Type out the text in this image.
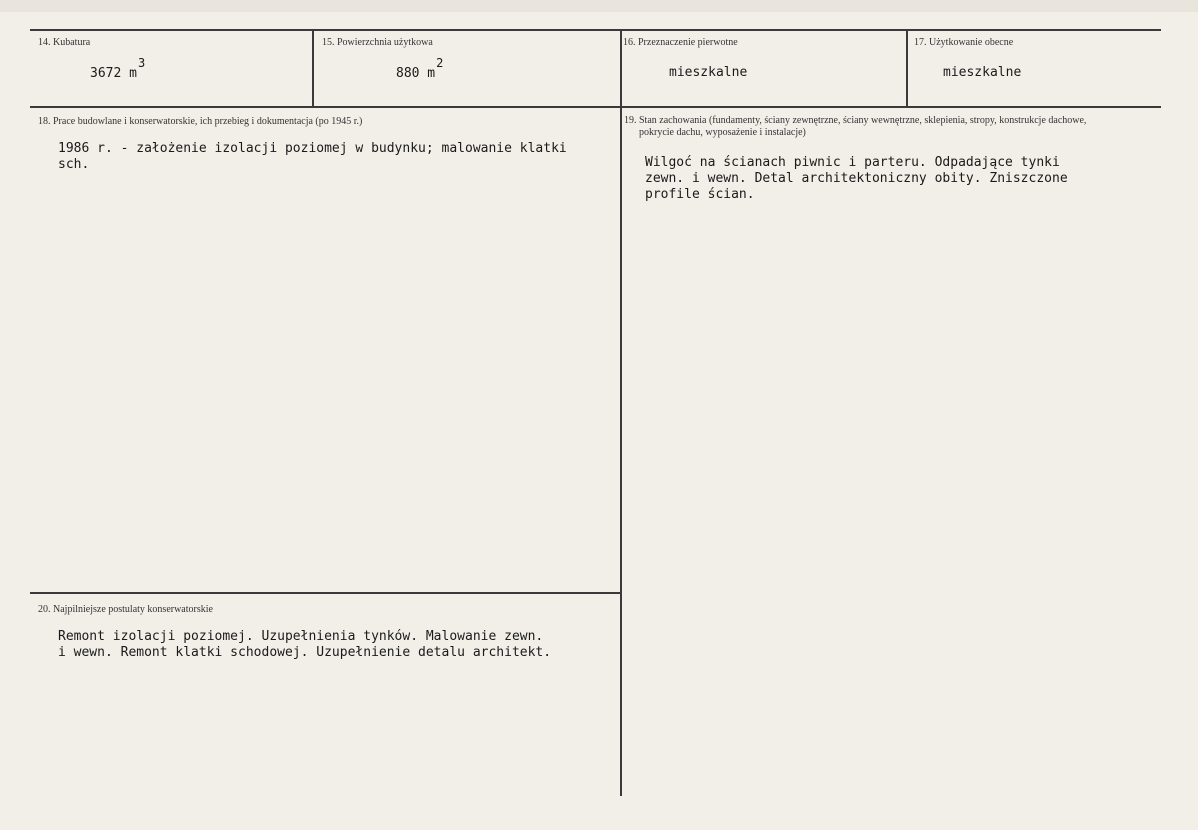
14. Kubatura
3672 m3
15. Powierzchnia użytkowa
880 m2
16. Przeznaczenie pierwotne
mieszkalne
17. Użytkowanie obecne
mieszkalne
18. Prace budowlane i konserwatorskie, ich przebieg i dokumentacja (po 1945 r.)
1986 r. - założenie izolacji poziomej w budynku; malowanie klatki
sch.
19. Stan zachowania (fundamenty, ściany zewnętrzne, ściany wewnętrzne, sklepienia, stropy, konstrukcje dachowe,
pokrycie dachu, wyposażenie i instalacje)
Wilgoć na ścianach piwnic i parteru. Odpadające tynki
zewn. i wewn. Detal architektoniczny obity. Zniszczone
profile ścian.
20. Najpilniejsze postulaty konserwatorskie
Remont izolacji poziomej. Uzupełnienia tynków. Malowanie zewn.
i wewn. Remont klatki schodowej. Uzupełnienie detalu architekt.
